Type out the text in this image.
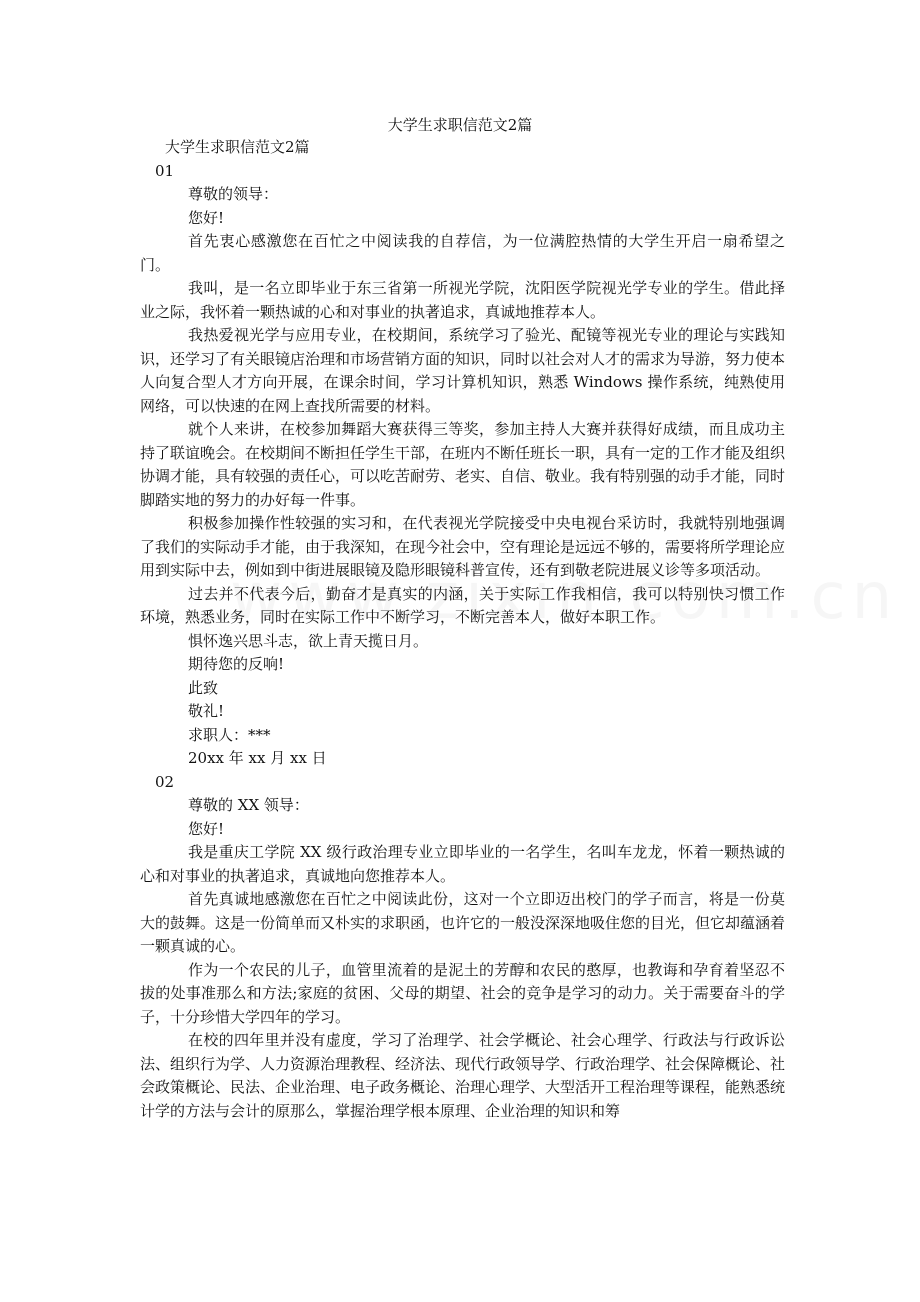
大学生求职信范文2篇

大学生求职信范文2篇

01

尊敬的领导：

您好!

首先衷心感激您在百忙之中阅读我的自荐信，为一位满腔热情的大学生开启一扇希望之门。

我叫，是一名立即毕业于东三省第一所视光学院，沈阳医学院视光学专业的学生。借此择业之际，我怀着一颗热诚的心和对事业的执著追求，真诚地推荐本人。

我热爱视光学与应用专业，在校期间，系统学习了验光、配镜等视光专业的理论与实践知识，还学习了有关眼镜店治理和市场营销方面的知识，同时以社会对人才的需求为导游，努力使本人向复合型人才方向开展，在课余时间，学习计算机知识，熟悉 Windows 操作系统，纯熟使用网络，可以快速的在网上查找所需要的材料。

就个人来讲，在校参加舞蹈大赛获得三等奖，参加主持人大赛并获得好成绩，而且成功主持了联谊晚会。在校期间不断担任学生干部，在班内不断任班长一职，具有一定的工作才能及组织协调才能，具有较强的责任心，可以吃苦耐劳、老实、自信、敬业。我有特别强的动手才能，同时脚踏实地的努力的办好每一件事。

积极参加操作性较强的实习和，在代表视光学院接受中央电视台采访时，我就特别地强调了我们的实际动手才能，由于我深知，在现今社会中，空有理论是远远不够的，需要将所学理论应用到实际中去，例如到中街进展眼镜及隐形眼镜科普宣传，还有到敬老院进展义诊等多项活动。

过去并不代表今后，勤奋才是真实的内涵，关于实际工作我相信，我可以特别快习惯工作环境，熟悉业务，同时在实际工作中不断学习，不断完善本人，做好本职工作。

惧怀逸兴思斗志，欲上青天揽日月。

期待您的反响!

此致

敬礼!

求职人：***

20xx 年 xx 月 xx 日

02

尊敬的 XX 领导：

您好!

我是重庆工学院 XX 级行政治理专业立即毕业的一名学生，名叫车龙龙，怀着一颗热诚的心和对事业的执著追求，真诚地向您推荐本人。

首先真诚地感激您在百忙之中阅读此份，这对一个立即迈出校门的学子而言，将是一份莫大的鼓舞。这是一份简单而又朴实的求职函，也许它的一般没深深地吸住您的目光，但它却蕴涵着一颗真诚的心。

作为一个农民的儿子，血管里流着的是泥土的芳醇和农民的憨厚，也教诲和孕育着坚忍不拔的处事准那么和方法;家庭的贫困、父母的期望、社会的竞争是学习的动力。关于需要奋斗的学子，十分珍惜大学四年的学习。

在校的四年里并没有虚度，学习了治理学、社会学概论、社会心理学、行政法与行政诉讼法、组织行为学、人力资源治理教程、经济法、现代行政领导学、行政治理学、社会保障概论、社会政策概论、民法、企业治理、电子政务概论、治理心理学、大型活开工程治理等课程，能熟悉统计学的方法与会计的原那么，掌握治理学根本原理、企业治理的知识和筹
